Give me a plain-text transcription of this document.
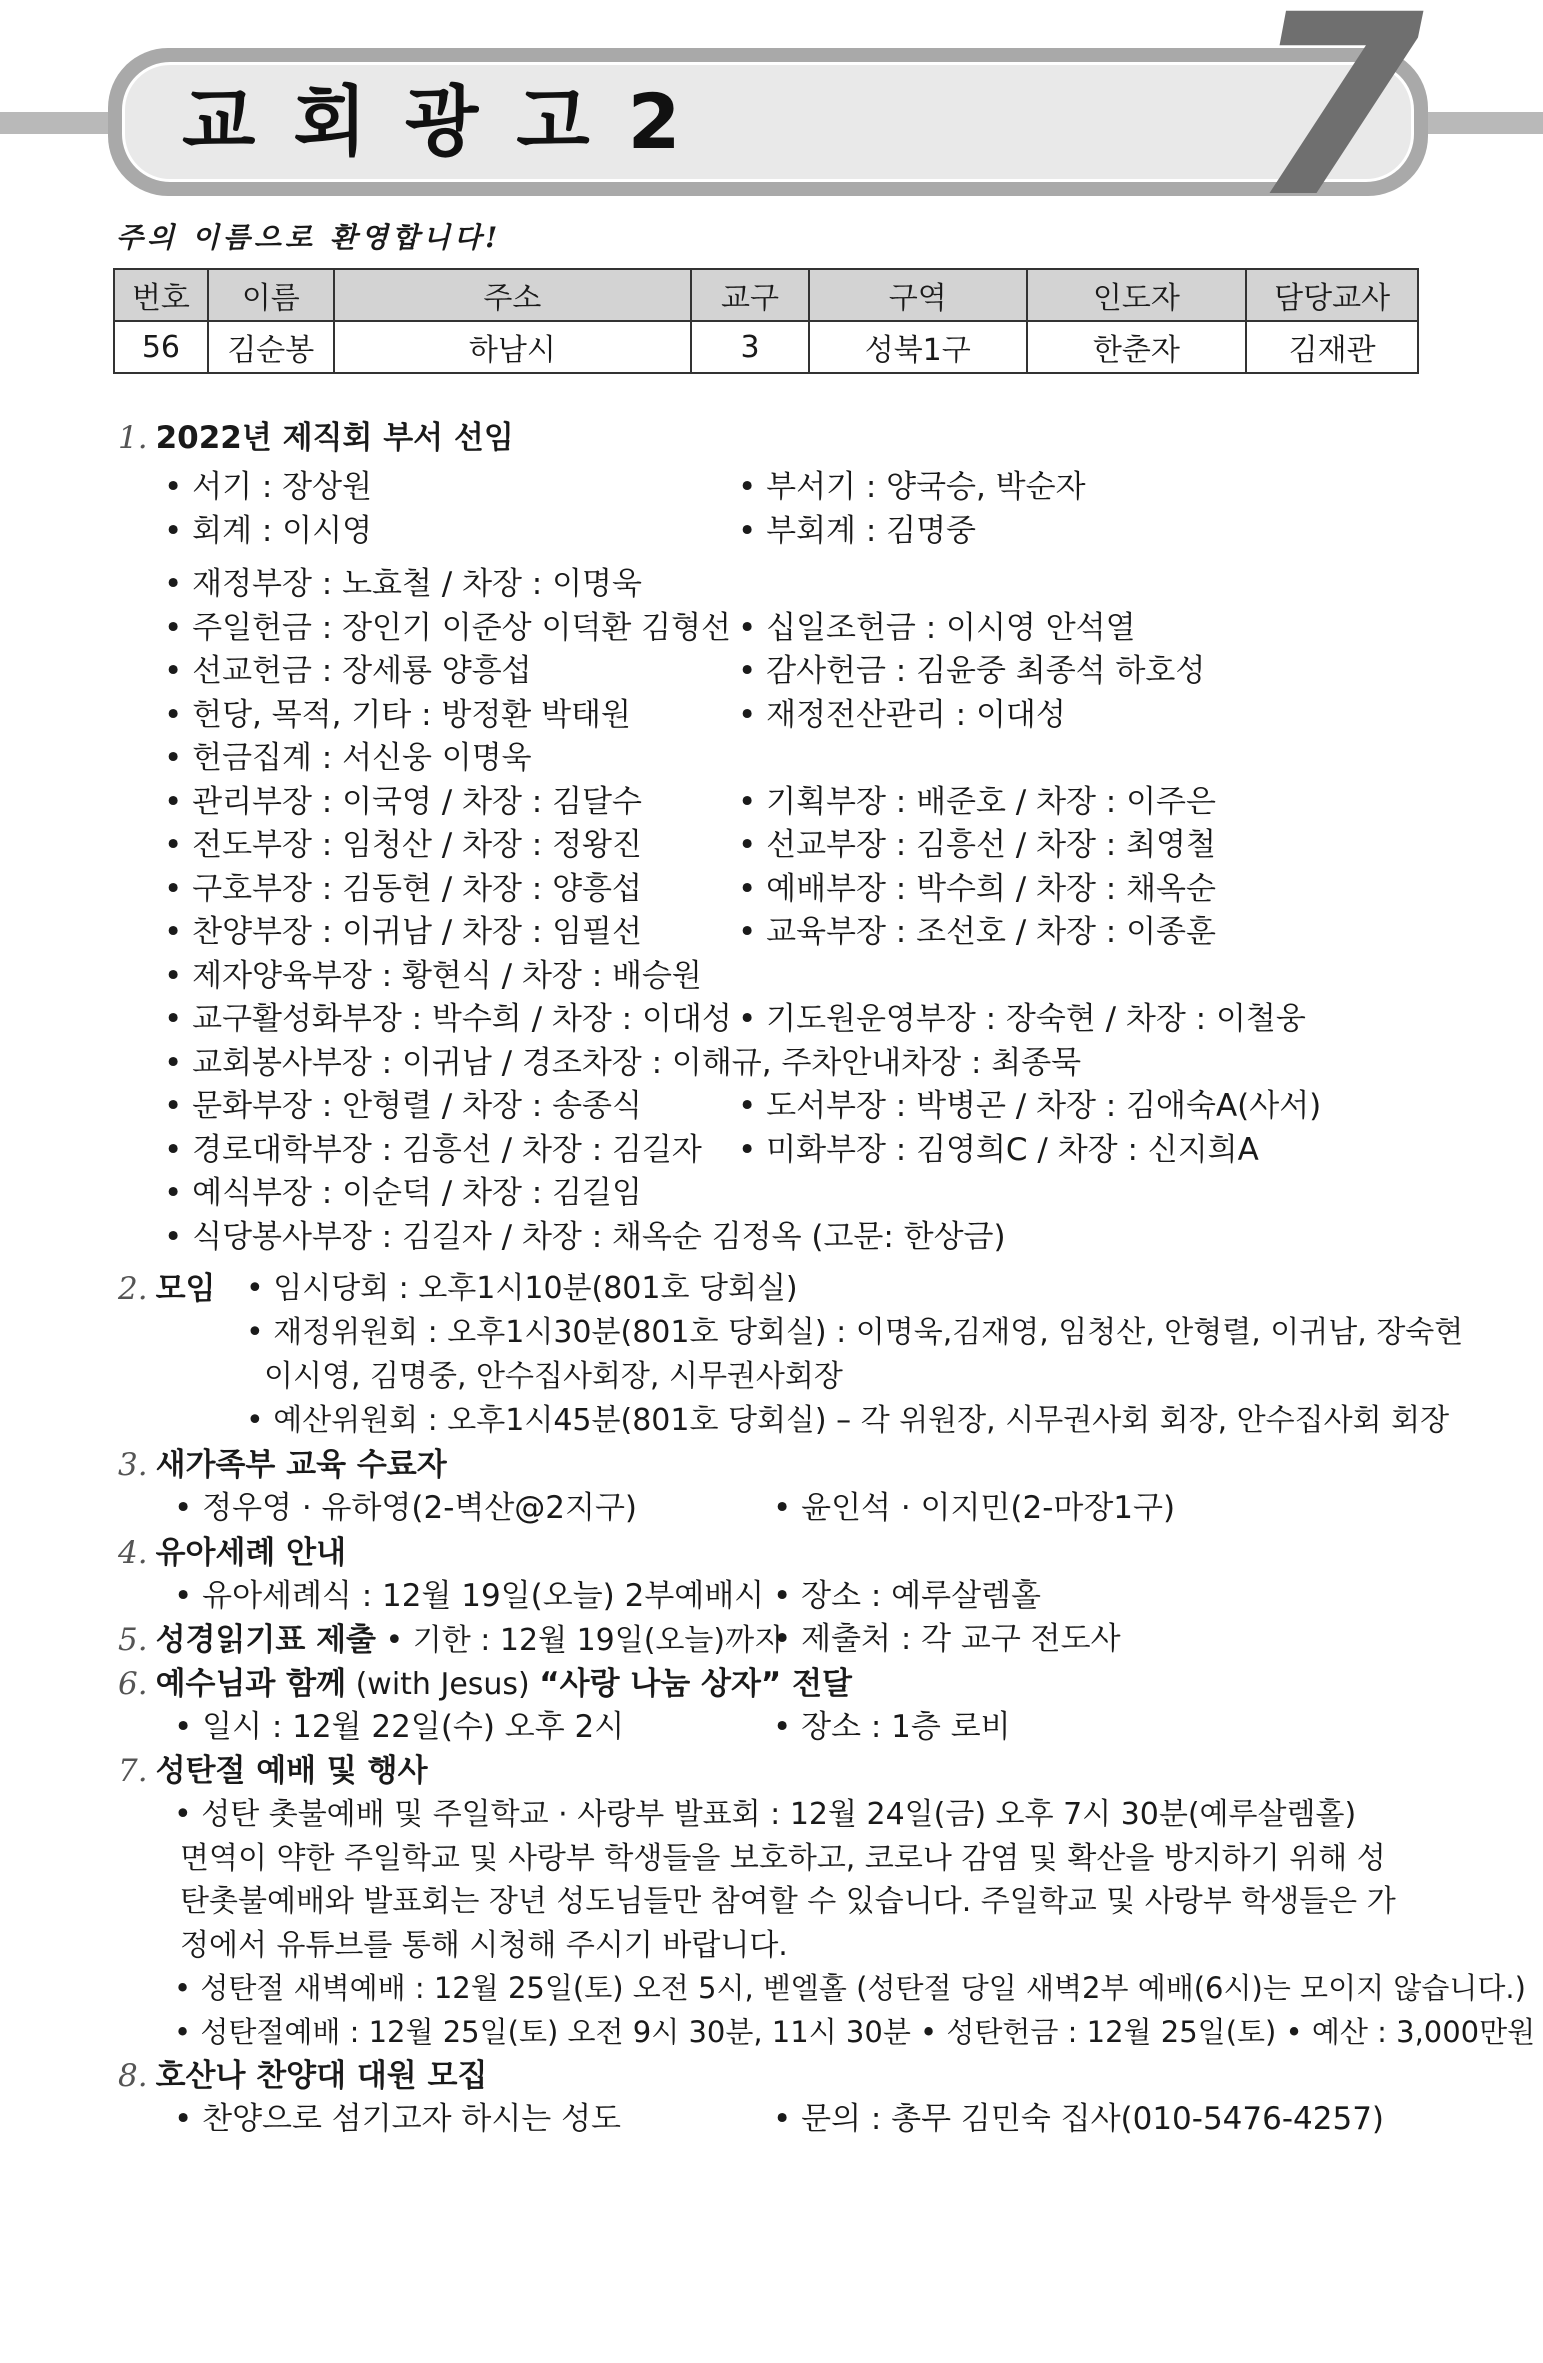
교회광고2 7

주의 이름으로 환영합니다!

번호	이름	주소	교구	구역	인도자	담당교사
56	김순봉	하남시	3	성북1구	한춘자	김재관
1. 2022년 제직회 부서 선임
• 서기 : 장상원	• 부서기 : 양국승, 박순자
• 회계 : 이시영	• 부회계 : 김명중
• 재정부장 : 노효철 / 차장 : 이명욱
• 주일헌금 : 장인기 이준상 이덕환 김형선 • 십일조헌금 : 이시영 안석열
• 선교헌금 : 장세룡 양흥섭	• 감사헌금 : 김윤중 최종석 하호성
• 헌당, 목적, 기타 : 방정환 박태원	• 재정전산관리 : 이대성
• 헌금집계 : 서신웅 이명욱
• 관리부장 : 이국영 / 차장 : 김달수	• 기획부장 : 배준호 / 차장 : 이주은
• 전도부장 : 임청산 / 차장 : 정왕진	• 선교부장 : 김흥선 / 차장 : 최영철
• 구호부장 : 김동현 / 차장 : 양흥섭	• 예배부장 : 박수희 / 차장 : 채옥순
• 찬양부장 : 이귀남 / 차장 : 임필선	• 교육부장 : 조선호 / 차장 : 이종훈
• 제자양육부장 : 황현식 / 차장 : 배승원
• 교구활성화부장 : 박수희 / 차장 : 이대성 • 기도원운영부장 : 장숙현 / 차장 : 이철웅
• 교회봉사부장 : 이귀남 / 경조차장 : 이해규, 주차안내차장 : 최종묵
• 문화부장 : 안형렬 / 차장 : 송종식	• 도서부장 : 박병곤 / 차장 : 김애숙A(사서)
• 경로대학부장 : 김흥선 / 차장 : 김길자 • 미화부장 : 김영희C / 차장 : 신지희A
• 예식부장 : 이순덕 / 차장 : 김길임
• 식당봉사부장 : 김길자 / 차장 : 채옥순 김정옥 (고문: 한상금)
2. 모임 • 임시당회 : 오후1시10분(801호 당회실)
• 재정위원회 : 오후1시30분(801호 당회실) : 이명욱,김재영, 임청산, 안형렬, 이귀남, 장숙현
이시영, 김명중, 안수집사회장, 시무권사회장
• 예산위원회 : 오후1시45분(801호 당회실) – 각 위원장, 시무권사회 회장, 안수집사회 회장
3. 새가족부 교육 수료자
• 정우영 · 유하영(2-벽산@2지구)	• 윤인석 · 이지민(2-마장1구)
4. 유아세례 안내
• 유아세례식 : 12월 19일(오늘) 2부예배시 • 장소 : 예루살렘홀
5. 성경읽기표 제출 • 기한 : 12월 19일(오늘)까지
• 제출처 : 각 교구 전도사
6. 예수님과 함께 (with Jesus) “사랑 나눔 상자” 전달
• 일시 : 12월 22일(수) 오후 2시	• 장소 : 1층 로비
7. 성탄절 예배 및 행사
• 성탄 촛불예배 및 주일학교 · 사랑부 발표회 : 12월 24일(금) 오후 7시 30분(예루살렘홀)

면역이 약한 주일학교 및 사랑부 학생들을 보호하고, 코로나 감염 및 확산을 방지하기 위해 성탄촛불예배와 발표회는 장년 성도님들만 참여할 수 있습니다. 주일학교 및 사랑부 학생들은 가정에서 유튜브를 통해 시청해 주시기 바랍니다.

• 성탄절 새벽예배 : 12월 25일(토) 오전 5시, 벧엘홀 (성탄절 당일 새벽2부 예배(6시)는 모이지 않습니다.)
• 성탄절예배 : 12월 25일(토) 오전 9시 30분, 11시 30분 • 성탄헌금 : 12월 25일(토) • 예산 : 3,000만원
8. 호산나 찬양대 대원 모집
• 찬양으로 섬기고자 하시는 성도	• 문의 : 총무 김민숙 집사(010-5476-4257)
